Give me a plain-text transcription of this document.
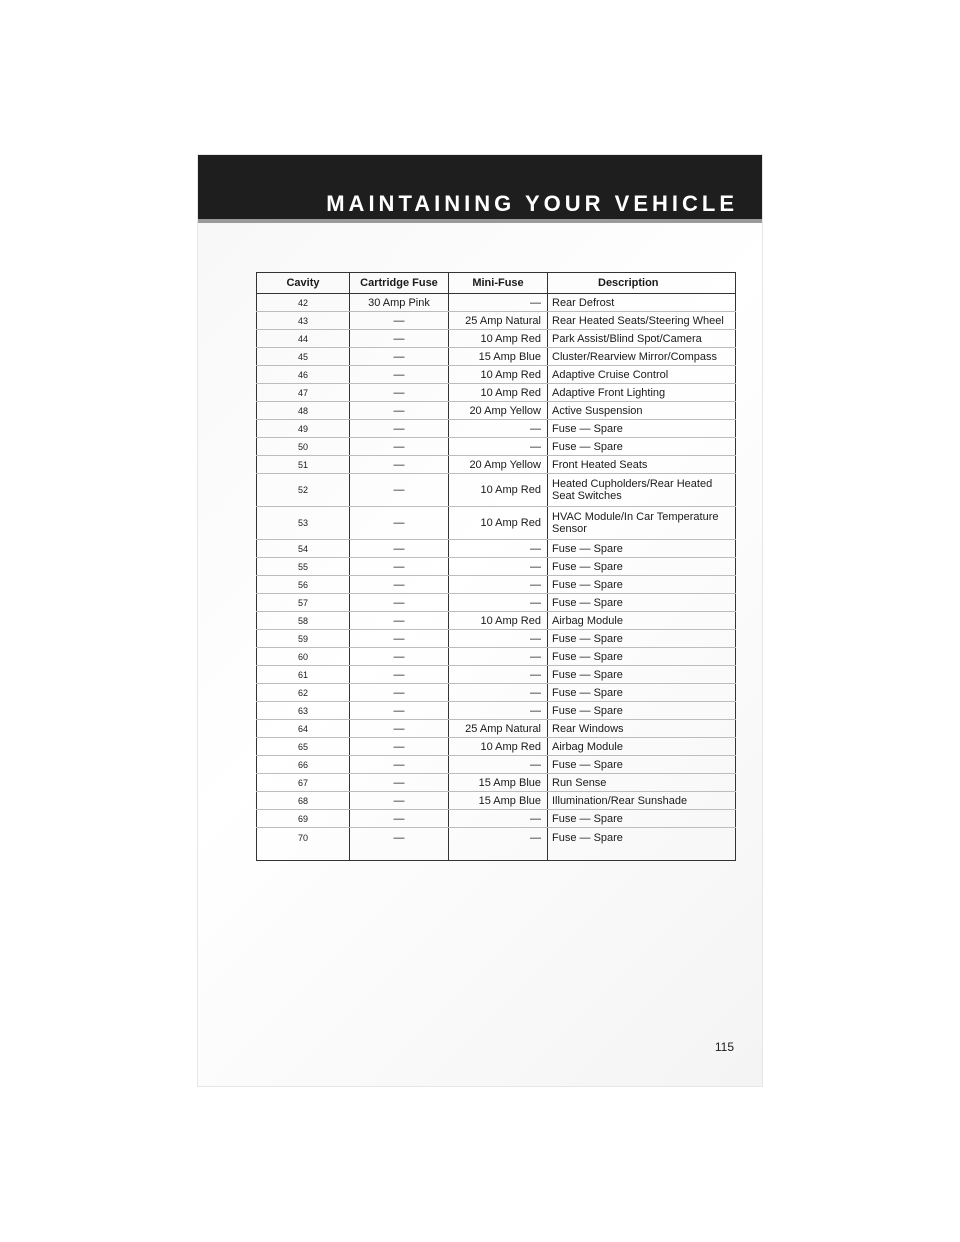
MAINTAINING YOUR VEHICLE
Cavity	Cartridge Fuse	Mini-Fuse	Description
42	30 Amp Pink	—	Rear Defrost
43	—	25 Amp Natural	Rear Heated Seats/Steering Wheel
44	—	10 Amp Red	Park Assist/Blind Spot/Camera
45	—	15 Amp Blue	Cluster/Rearview Mirror/Compass
46	—	10 Amp Red	Adaptive Cruise Control
47	—	10 Amp Red	Adaptive Front Lighting
48	—	20 Amp Yellow	Active Suspension
49	—	—	Fuse — Spare
50	—	—	Fuse — Spare
51	—	20 Amp Yellow	Front Heated Seats
52	—	10 Amp Red	Heated Cupholders/Rear Heated Seat Switches
53	—	10 Amp Red	HVAC Module/In Car Temperature Sensor
54	—	—	Fuse — Spare
55	—	—	Fuse — Spare
56	—	—	Fuse — Spare
57	—	—	Fuse — Spare
58	—	10 Amp Red	Airbag Module
59	—	—	Fuse — Spare
60	—	—	Fuse — Spare
61	—	—	Fuse — Spare
62	—	—	Fuse — Spare
63	—	—	Fuse — Spare
64	—	25 Amp Natural	Rear Windows
65	—	10 Amp Red	Airbag Module
66	—	—	Fuse — Spare
67	—	15 Amp Blue	Run Sense
68	—	15 Amp Blue	Illumination/Rear Sunshade
69	—	—	Fuse — Spare
70	—	—	Fuse — Spare
115
